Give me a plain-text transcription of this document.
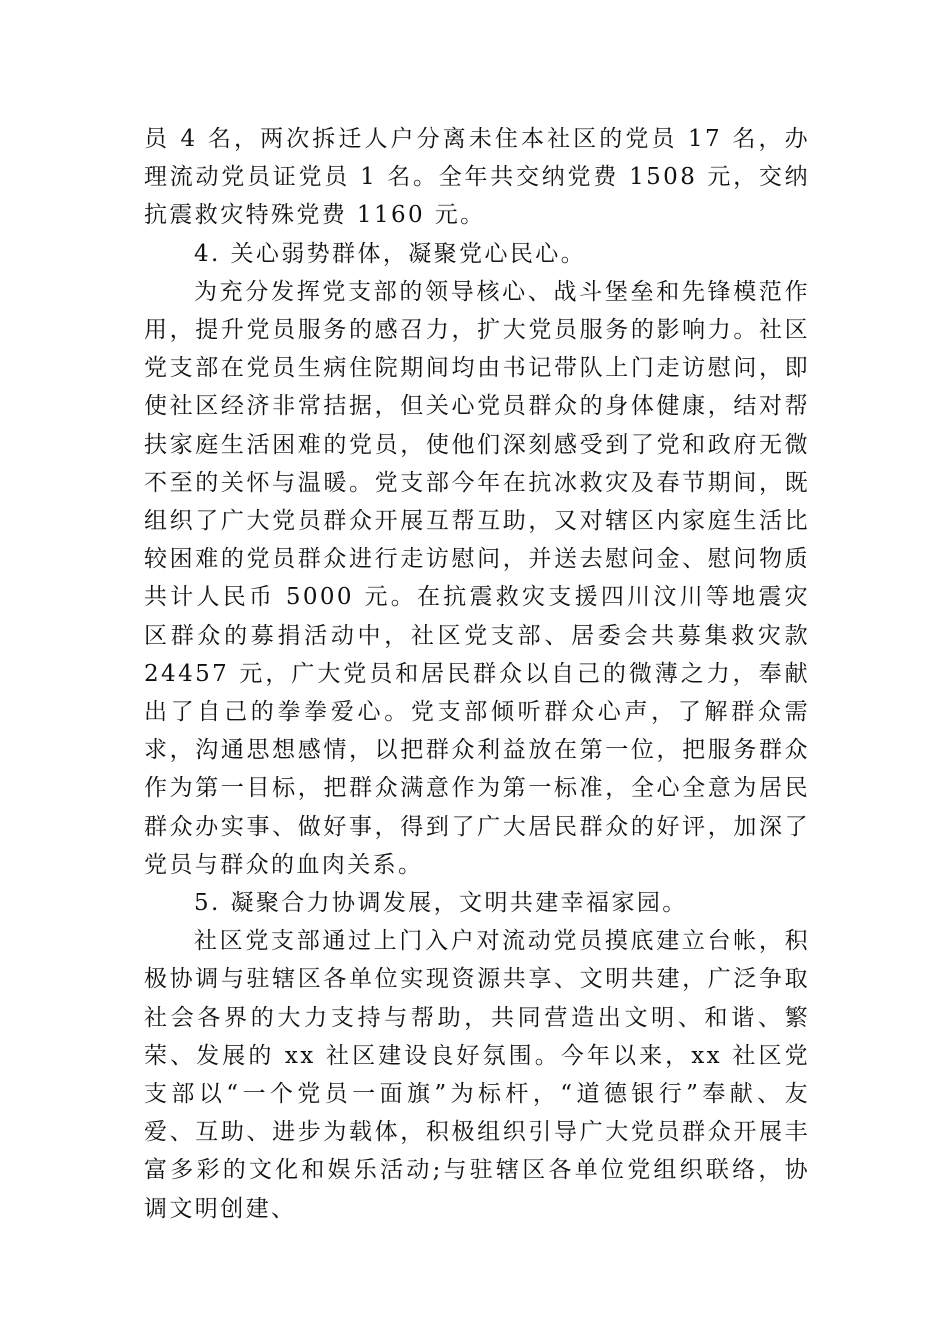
员 4 名，两次拆迁人户分离未住本社区的党员 17 名，办理流动党员证党员 1 名。全年共交纳党费 1508 元，交纳抗震救灾特殊党费 1160 元。

4. 关心弱势群体，凝聚党心民心。

为充分发挥党支部的领导核心、战斗堡垒和先锋模范作用，提升党员服务的感召力，扩大党员服务的影响力。社区党支部在党员生病住院期间均由书记带队上门走访慰问，即使社区经济非常拮据，但关心党员群众的身体健康，结对帮扶家庭生活困难的党员，使他们深刻感受到了党和政府无微不至的关怀与温暖。党支部今年在抗冰救灾及春节期间，既组织了广大党员群众开展互帮互助，又对辖区内家庭生活比较困难的党员群众进行走访慰问，并送去慰问金、慰问物质共计人民币 5000 元。在抗震救灾支援四川汶川等地震灾区群众的募捐活动中，社区党支部、居委会共募集救灾款 24457 元，广大党员和居民群众以自己的微薄之力，奉献出了自己的拳拳爱心。党支部倾听群众心声，了解群众需求，沟通思想感情，以把群众利益放在第一位，把服务群众作为第一目标，把群众满意作为第一标准，全心全意为居民群众办实事、做好事，得到了广大居民群众的好评，加深了党员与群众的血肉关系。

5. 凝聚合力协调发展，文明共建幸福家园。

社区党支部通过上门入户对流动党员摸底建立台帐，积极协调与驻辖区各单位实现资源共享、文明共建，广泛争取社会各界的大力支持与帮助，共同营造出文明、和谐、繁荣、发展的 xx 社区建设良好氛围。今年以来，xx 社区党支部以“一个党员一面旗”为标杆，“道德银行”奉献、友爱、互助、进步为载体，积极组织引导广大党员群众开展丰富多彩的文化和娱乐活动;与驻辖区各单位党组织联络，协调文明创建、
